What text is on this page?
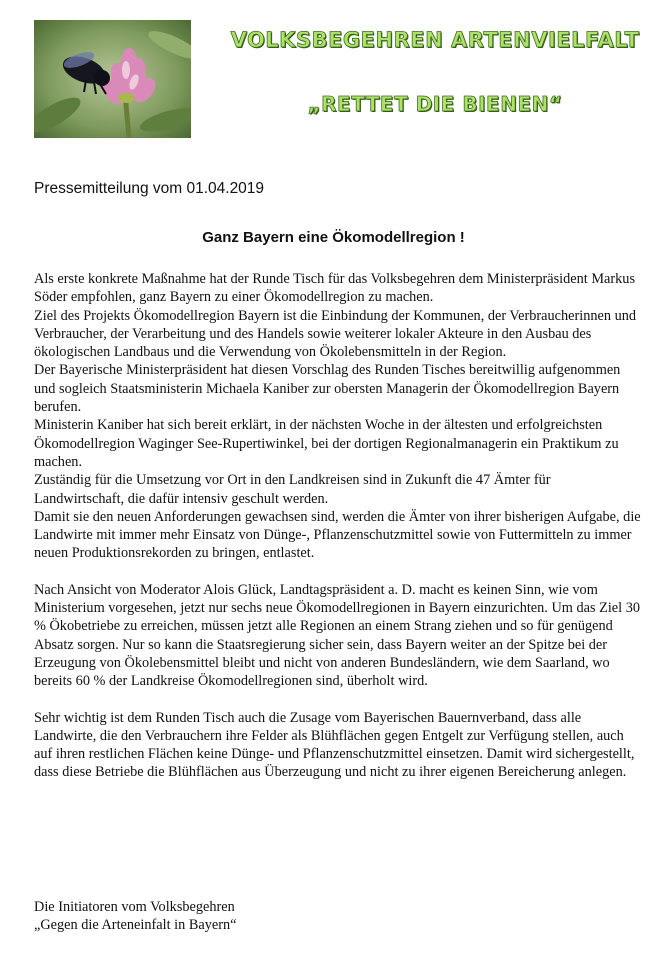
VOLKSBEGEHREN ARTENVIELFALT
„RETTET DIE BIENEN“
Pressemitteilung vom 01.04.2019
Ganz Bayern eine Ökomodellregion !

Als erste konkrete Maßnahme hat der Runde Tisch für das Volksbegehren dem Ministerpräsident Markus Söder empfohlen, ganz Bayern zu einer Ökomodellregion zu machen.

Ziel des Projekts Ökomodellregion Bayern ist die Einbindung der Kommunen, der Verbraucherinnen und Verbraucher, der Verarbeitung und des Handels sowie weiterer lokaler Akteure in den Ausbau des ökologischen Landbaus und die Verwendung von Ökolebensmitteln in der Region.

Der Bayerische Ministerpräsident hat diesen Vorschlag des Runden Tisches bereitwillig aufgenommen und sogleich Staatsministerin Michaela Kaniber zur obersten Managerin der Ökomodellregion Bayern berufen.

Ministerin Kaniber hat sich bereit erklärt, in der nächsten Woche in der ältesten und erfolgreichsten Ökomodellregion Waginger See-Rupertiwinkel, bei der dortigen Regionalmanagerin ein Praktikum zu machen.

Zuständig für die Umsetzung vor Ort in den Landkreisen sind in Zukunft die 47 Ämter für Landwirtschaft, die dafür intensiv geschult werden.

Damit sie den neuen Anforderungen gewachsen sind, werden die Ämter von ihrer bisherigen Aufgabe, die Landwirte mit immer mehr Einsatz von Dünge-, Pflanzenschutzmittel sowie von Futtermitteln zu immer neuen Produktionsrekorden zu bringen, entlastet.

Nach Ansicht von Moderator Alois Glück, Landtagspräsident a. D. macht es keinen Sinn, wie vom Ministerium vorgesehen, jetzt nur sechs neue Ökomodellregionen in Bayern einzurichten. Um das Ziel 30 % Ökobetriebe zu erreichen, müssen jetzt alle Regionen an einem Strang ziehen und so für genügend Absatz sorgen. Nur so kann die Staatsregierung sicher sein, dass Bayern weiter an der Spitze bei der Erzeugung von Ökolebensmittel bleibt und nicht von anderen Bundesländern, wie dem Saarland, wo bereits 60 % der Landkreise Ökomodellregionen sind, überholt wird.

Sehr wichtig ist dem Runden Tisch auch die Zusage vom Bayerischen Bauernverband, dass alle Landwirte, die den Verbrauchern ihre Felder als Blühflächen gegen Entgelt zur Verfügung stellen, auch auf ihren restlichen Flächen keine Dünge- und Pflanzenschutzmittel einsetzen. Damit wird sichergestellt, dass diese Betriebe die Blühflächen aus Überzeugung und nicht zu ihrer eigenen Bereicherung anlegen.

Die Initiatoren vom Volksbegehren
„Gegen die Arteneinfalt in Bayern“
